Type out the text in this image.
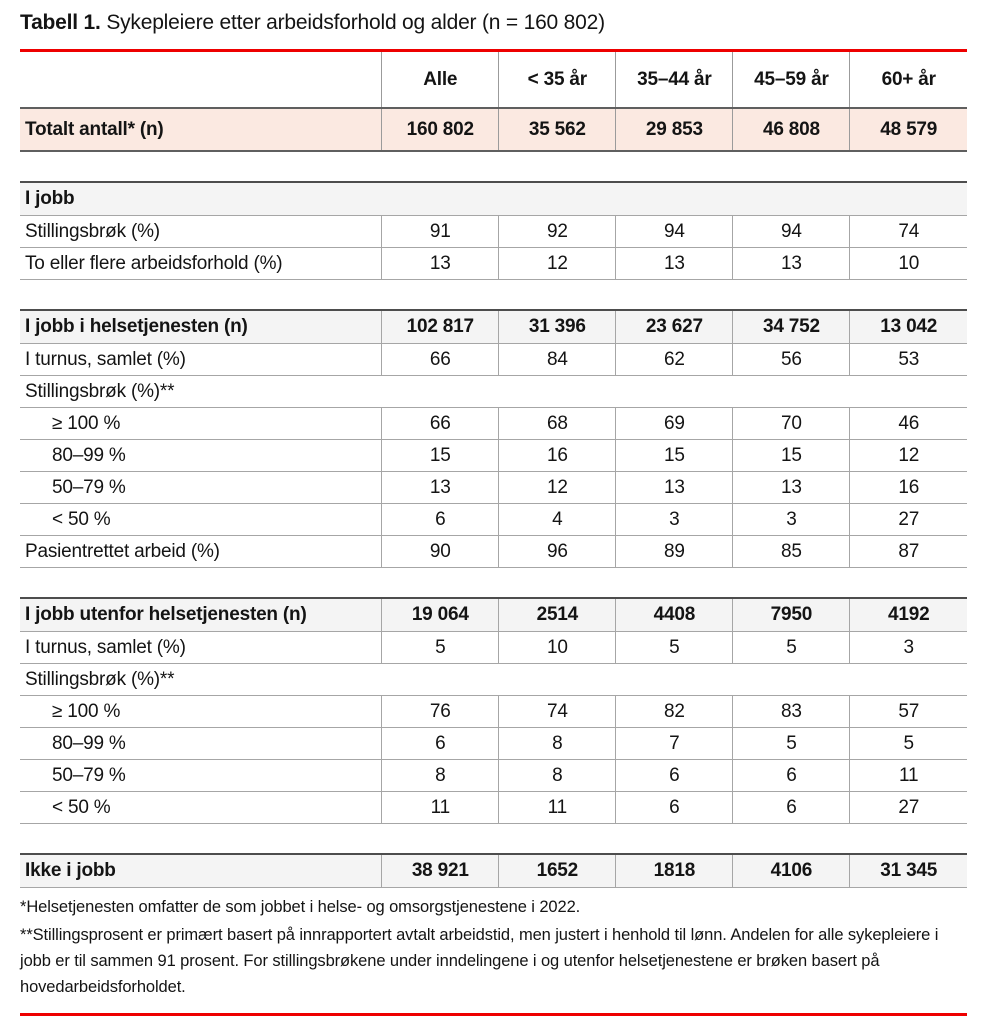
Tabell 1. Sykepleiere etter arbeidsforhold og alder (n = 160 802)
	Alle	< 35 år	35–44 år	45–59 år	60+ år
Totalt antall* (n)	160 802	35 562	29 853	46 808	48 579

I jobb					
Stillingsbrøk (%)	91	92	94	94	74
To eller flere arbeidsforhold (%)	13	12	13	13	10

I jobb i helsetjenesten (n)	102 817	31 396	23 627	34 752	13 042
I turnus, samlet (%)	66	84	62	56	53
Stillingsbrøk (%)**					
≥ 100 %	66	68	69	70	46
80–99 %	15	16	15	15	12
50–79 %	13	12	13	13	16
< 50 %	6	4	3	3	27
Pasientrettet arbeid (%)	90	96	89	85	87

I jobb utenfor helsetjenesten (n)	19 064	2514	4408	7950	4192
I turnus, samlet (%)	5	10	5	5	3
Stillingsbrøk (%)**					
≥ 100 %	76	74	82	83	57
80–99 %	6	8	7	5	5
50–79 %	8	8	6	6	11
< 50 %	11	11	6	6	27

Ikke i jobb	38 921	1652	1818	4106	31 345

*Helsetjenesten omfatter de som jobbet i helse- og omsorgstjenestene i 2022.

**Stillingsprosent er primært basert på innrapportert avtalt arbeidstid, men justert i henhold til lønn. Andelen for alle sykepleiere i jobb er til sammen 91 prosent. For stillingsbrøkene under inndelingene i og utenfor helsetjenestene er brøken basert på hovedarbeidsforholdet.
